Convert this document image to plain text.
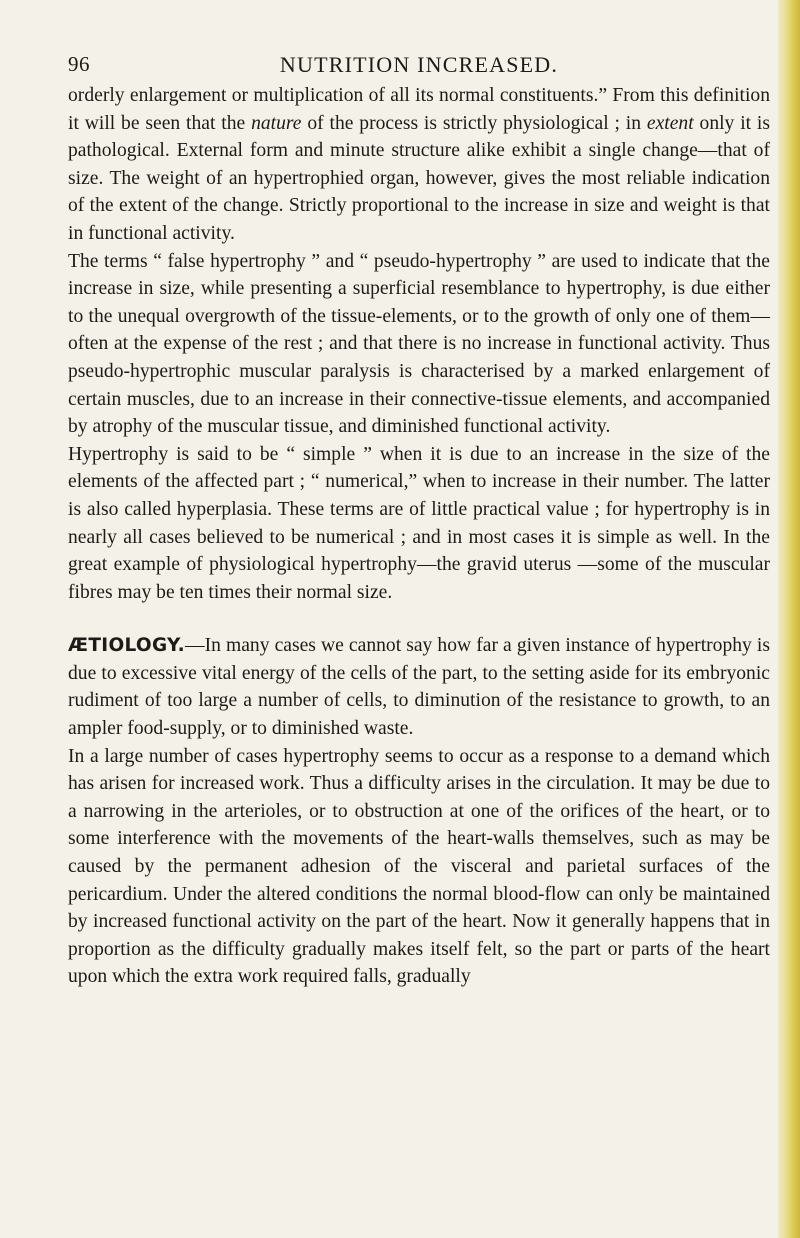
96	NUTRITION INCREASED.

orderly enlargement or multiplication of all its normal constituents.” From this definition it will be seen that the nature of the process is strictly physiological ; in extent only it is pathological. External form and minute structure alike exhibit a single change—that of size. The weight of an hypertrophied organ, however, gives the most reliable indication of the extent of the change. Strictly proportional to the increase in size and weight is that in functional activity.

The terms “ false hypertrophy ” and “ pseudo-hypertrophy ” are used to indicate that the increase in size, while presenting a superficial resemblance to hypertrophy, is due either to the unequal overgrowth of the tissue-elements, or to the growth of only one of them—often at the expense of the rest ; and that there is no increase in functional activity. Thus pseudo-hypertrophic muscular paralysis is characterised by a marked enlargement of certain muscles, due to an increase in their connective-tissue elements, and accompanied by atrophy of the muscular tissue, and diminished functional activity.

Hypertrophy is said to be “ simple ” when it is due to an increase in the size of the elements of the affected part ; “ numerical,” when to increase in their number. The latter is also called hyperplasia. These terms are of little practical value ; for hypertrophy is in nearly all cases believed to be numerical ; and in most cases it is simple as well. In the great example of physiological hypertrophy—the gravid uterus —some of the muscular fibres may be ten times their normal size.

ÆTIOLOGY.—In many cases we cannot say how far a given instance of hypertrophy is due to excessive vital energy of the cells of the part, to the setting aside for its embryonic rudiment of too large a number of cells, to diminution of the resistance to growth, to an ampler food-supply, or to diminished waste.

In a large number of cases hypertrophy seems to occur as a response to a demand which has arisen for increased work. Thus a difficulty arises in the circulation. It may be due to a narrowing in the arterioles, or to obstruction at one of the orifices of the heart, or to some interference with the movements of the heart-walls themselves, such as may be caused by the permanent adhesion of the visceral and parietal surfaces of the pericardium. Under the altered conditions the normal blood-flow can only be maintained by increased functional activity on the part of the heart. Now it generally happens that in proportion as the difficulty gradually makes itself felt, so the part or parts of the heart upon which the extra work required falls, gradually
